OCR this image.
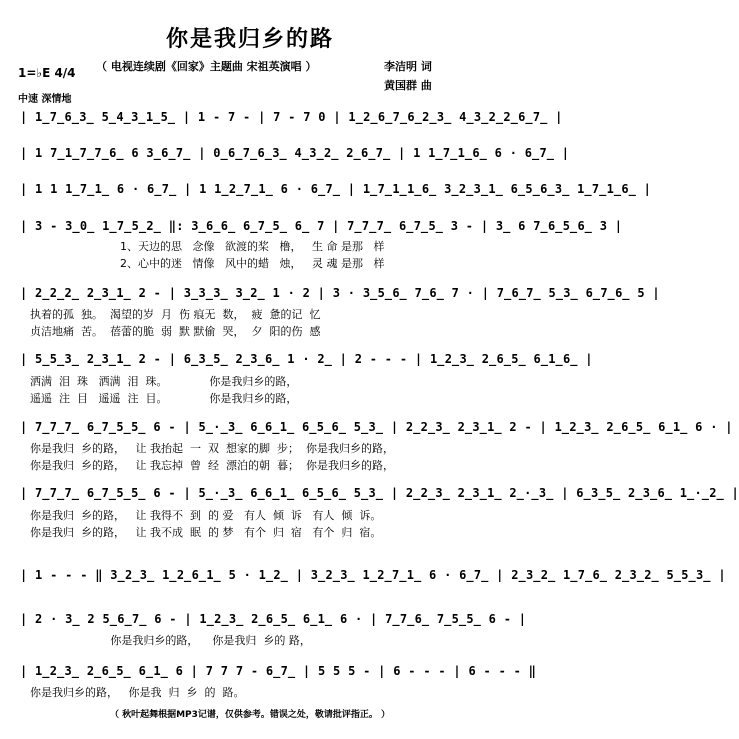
你是我归乡的路
（ 电视连续剧《回家》主题曲 宋祖英演唱 ）	李洁明 词
黄国群 曲
1=♭E 4/4
中速 深情地
| 1̲7̲6̲3̲ 5̲4̲3̲1̲5̲ | 1 - 7 - | 7 - 7 0 | 1̲2̲6̲7̲6̲2̲3̲ 4̲3̲2̲2̲6̲7̲ |
| 1 7̲1̲7̲7̲6̲ 6 3̲6̲7̲ | 0̲6̲7̲6̲3̲ 4̲3̲2̲ 2̲6̲7̲ | 1 1̲7̲1̲6̲ 6 · 6̲7̲ |
| 1 1 1̲7̲1̲ 6 · 6̲7̲ | 1 1̲2̲7̲1̲ 6 · 6̲7̲ | 1̲7̲1̲1̲6̲ 3̲2̲3̲1̲ 6̲5̲6̲3̲ 1̲7̲1̲6̲ |
| 3 - 3̲0̲ 1̲7̲5̲2̲ ‖: 3̲6̲6̲ 6̲7̲5̲ 6̲ 7 | 7̲7̲7̲ 6̲7̲5̲ 3 - | 3̲ 6 7̲6̲5̲6̲ 3 |
1、天边的思   念像   欲渡的桨   橹，   生 命 是那   样
2、心中的迷   情像   风中的蜡   烛，   灵 魂 是那   样
| 2̲2̲2̲ 2̲3̲1̲ 2 - | 3̲3̲3̲ 3̲2̲ 1 · 2 | 3 · 3̲5̲6̲ 7̲6̲ 7 · | 7̲6̲7̲ 5̲3̲ 6̲7̲6̲ 5 |
执着的孤  独。  渴望的岁  月  伤 痕无  数，  疲  惫的记  忆
贞洁地痛  苦。  蓓蕾的脆  弱  默 默偷  哭，  夕  阳的伤  感
| 5̲5̲3̲ 2̲3̲1̲ 2 - | 6̲3̲5̲ 2̲3̲6̲ 1 · 2̲ | 2 - - - | 1̲2̲3̲ 2̲6̲5̲ 6̲1̲6̲ |
洒满  泪  珠   洒满  泪  珠。            你是我归乡的路，
遥遥  注  目   遥遥  注  目。            你是我归乡的路，
| 7̲7̲7̲ 6̲7̲5̲5̲ 6 - | 5̲·̲3̲ 6̲6̲1̲ 6̲5̲6̲ 5̲3̲ | 2̲2̲3̲ 2̲3̲1̲ 2 - | 1̲2̲3̲ 2̲6̲5̲ 6̲1̲ 6 · |
你是我归  乡的路，   让 我抬起  一  双  想家的脚  步；  你是我归乡的路，
你是我归  乡的路，   让 我忘掉  曾  经  漂泊的朝  暮；  你是我归乡的路，
| 7̲7̲7̲ 6̲7̲5̲5̲ 6 - | 5̲·̲3̲ 6̲6̲1̲ 6̲5̲6̲ 5̲3̲ | 2̲2̲3̲ 2̲3̲1̲ 2̲·̲3̲ | 6̲3̲5̲ 2̲3̲6̲ 1̲·̲2̲ |
你是我归  乡的路，   让 我得不  到  的 爱   有人  倾  诉   有人  倾  诉。
你是我归  乡的路，   让 我不成  眠  的 梦   有个  归  宿   有个  归  宿。
| 1 - - - ‖ 3̲2̲3̲ 1̲2̲6̲1̲ 5 · 1̲2̲ | 3̲2̲3̲ 1̲2̲7̲1̲ 6 · 6̲7̲ | 2̲3̲2̲ 1̲7̲6̲ 2̲3̲2̲ 5̲5̲3̲ |
| 2 · 3̲ 2 5̲6̲7̲ 6 - | 1̲2̲3̲ 2̲6̲5̲ 6̲1̲ 6 · | 7̲7̲6̲ 7̲5̲5̲ 6 - |
你是我归乡的路，    你是我归  乡的 路，
| 1̲2̲3̲ 2̲6̲5̲ 6̲1̲ 6 | 7 7 7 - 6̲7̲ | 5 5 5 - | 6 - - - | 6 - - - ‖
你是我归乡的路，   你是我  归  乡  的  路。
（ 秋叶起舞根据MP3记谱，仅供参考。错误之处，敬请批评指正。 ）
